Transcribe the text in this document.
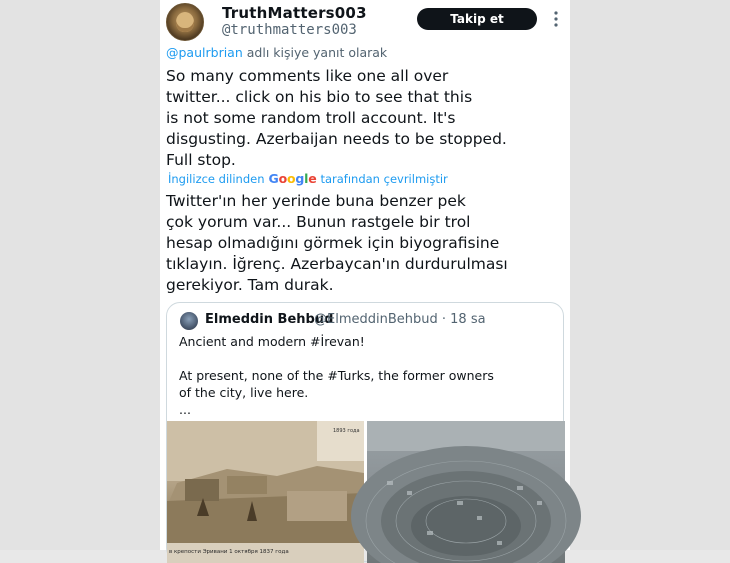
TruthMatters003
@truthmatters003
Takip et
@paulrbrian adlı kişiye yanıt olarak
So many comments like one all over
twitter... click on his bio to see that this
is not some random troll account. It's
disgusting. Azerbaijan needs to be stopped.
Full stop.
İngilizce dilinden Google tarafından çevrilmiştir
Twitter'ın her yerinde buna benzer pek
çok yorum var... Bunun rastgele bir trol
hesap olmadığını görmek için biyografisine
tıklayın. İğrenç. Azerbaycan'ın durdurulması
gerekiyor. Tam durak.
Elmeddin Behbud
@ElmeddinBehbud · 18 sa

Ancient and modern #İrevan!

At present, none of the #Turks, the former owners

of the city, live here.

...

1893 года
в крепости Эривани 1 октября 1837 года
